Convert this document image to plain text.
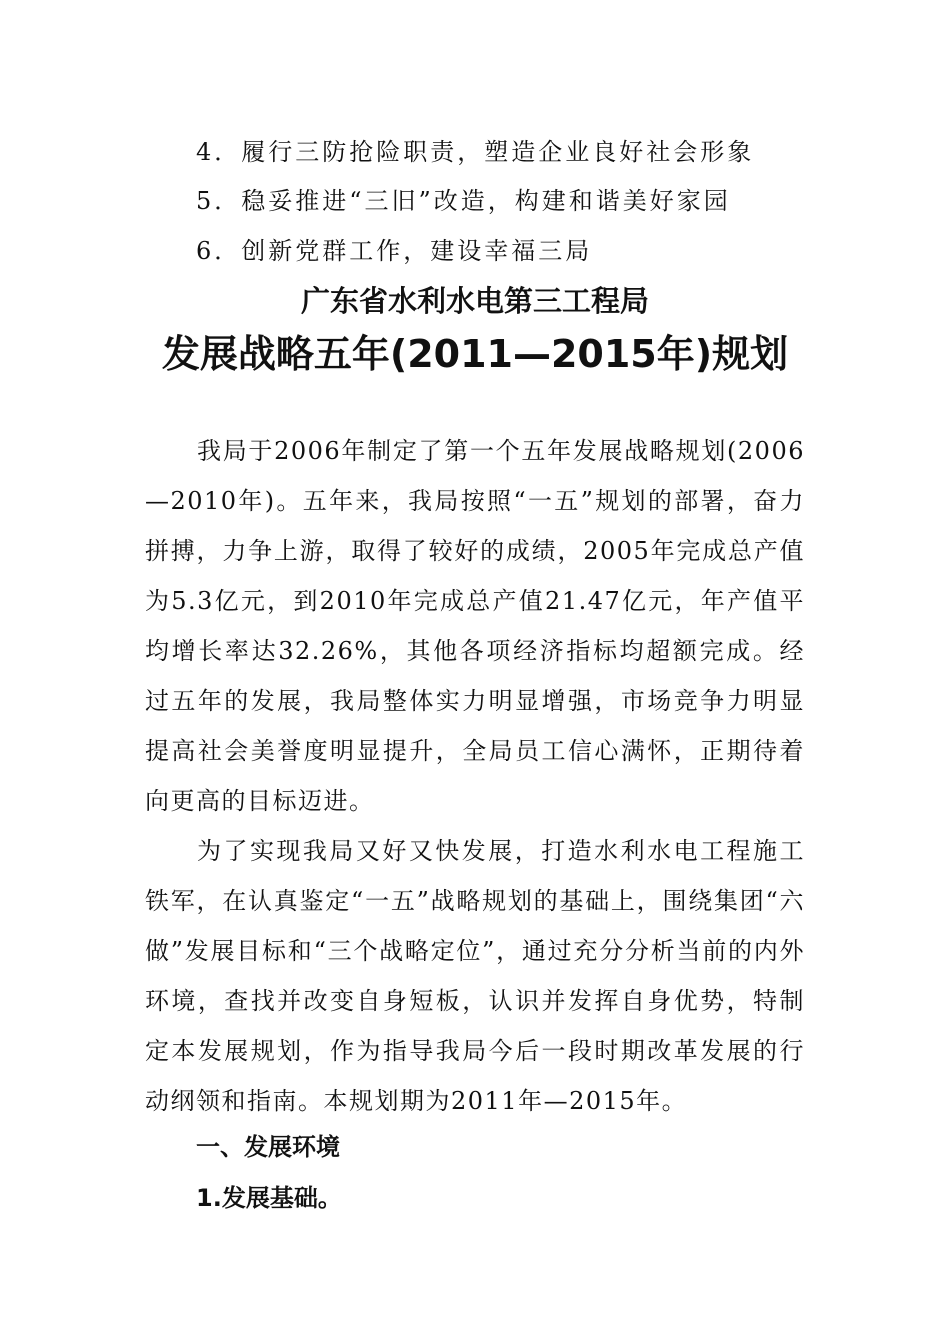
4．履行三防抢险职责，塑造企业良好社会形象
5．稳妥推进“三旧”改造，构建和谐美好家园
6．创新党群工作，建设幸福三局
广东省水利水电第三工程局
发展战略五年(2011—2015年)规划

我局于2006年制定了第一个五年发展战略规划(2006—2010年)。五年来，我局按照“一五”规划的部署，奋力拼搏，力争上游，取得了较好的成绩，2005年完成总产值为5.3亿元，到2010年完成总产值21.47亿元，年产值平均增长率达32.26%，其他各项经济指标均超额完成。经过五年的发展，我局整体实力明显增强，市场竞争力明显提高社会美誉度明显提升，全局员工信心满怀，正期待着向更高的目标迈进。

为了实现我局又好又快发展，打造水利水电工程施工铁军，在认真鉴定“一五”战略规划的基础上，围绕集团“六做”发展目标和“三个战略定位”，通过充分分析当前的内外环境，查找并改变自身短板，认识并发挥自身优势，特制定本发展规划，作为指导我局今后一段时期改革发展的行动纲领和指南。本规划期为2011年—2015年。

一、发展环境
1.发展基础。
